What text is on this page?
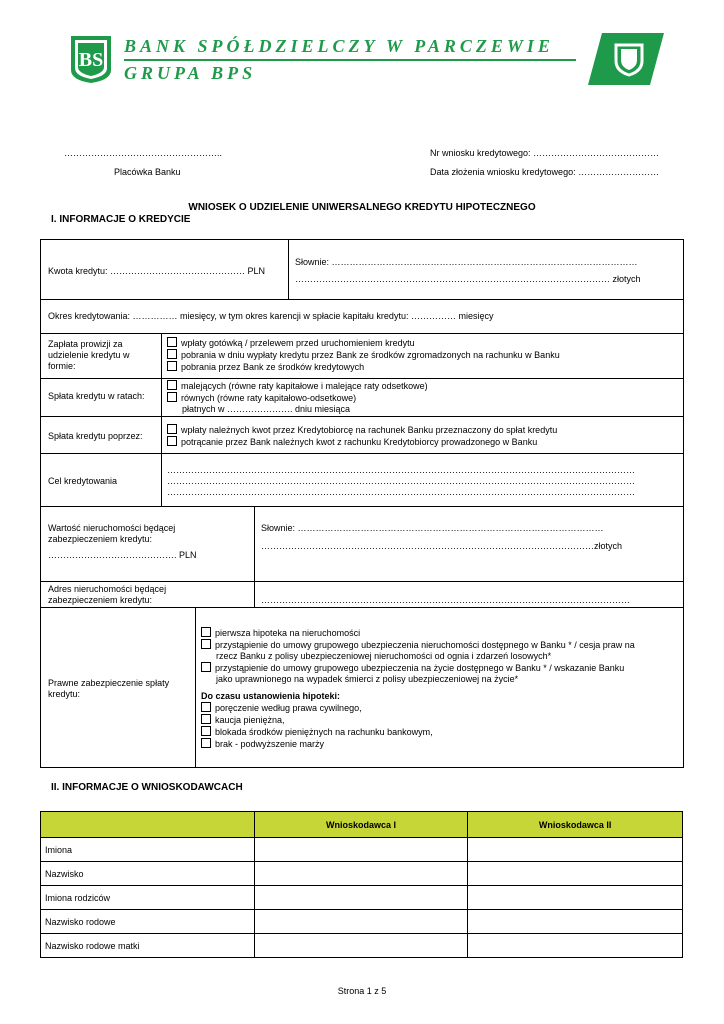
BS
BANK SPÓŁDZIELCZY W PARCZEWIE
GRUPA BPS
……………………………………………..
Placówka Banku
Nr wniosku kredytowego: ……………………………………
Data złożenia wniosku kredytowego: ………………………
WNIOSEK O UDZIELENIE UNIWERSALNEGO KREDYTU HIPOTECZNEGO
I. INFORMACJE O KREDYCIE
Kwota kredytu: ……………………………………… PLN
Słownie: …………………………………………………………………………………………
…………………………………………………………………………………………… złotych
Okres kredytowania: …………… miesięcy, w tym okres karencji w spłacie kapitału kredytu: …………… miesięcy
Zapłata prowizji za udzielenie kredytu w formie:
wpłaty gotówką / przelewem przed uruchomieniem kredytu
pobrania w dniu wypłaty kredytu przez Bank ze środków zgromadzonych na rachunku w Banku
pobrania przez Bank ze środków kredytowych
Spłata kredytu w ratach:
malejących (równe raty kapitałowe i malejące raty odsetkowe)
równych (równe raty kapitałowo-odsetkowe)
płatnych w …………………. dniu miesiąca
Spłata kredytu poprzez:
wpłaty należnych kwot przez Kredytobiorcę na rachunek Banku przeznaczony do spłat kredytu
potrącanie przez Bank należnych kwot z rachunku Kredytobiorcy prowadzonego w Banku
Cel kredytowania
…………………………………………………………………………………………………………………………………………
…………………………………………………………………………………………………………………………………………
…………………………………………………………………………………………………………………………………………
Wartość nieruchomości będącej zabezpieczeniem kredytu:
……………………………………. PLN
Słownie: …………………………………………………………………………………………
…………………………………………………………………………………………………złotych
Adres nieruchomości będącej zabezpieczeniem kredytu:	……………………………………………………………………………………………………………
Prawne zabezpieczenie spłaty kredytu:
pierwsza hipoteka na nieruchomości
przystąpienie do umowy grupowego ubezpieczenia nieruchomości dostępnego w Banku * / cesja praw na
rzecz Banku z polisy ubezpieczeniowej nieruchomości od ognia i zdarzeń losowych*
przystąpienie do umowy grupowego ubezpieczenia na życie dostępnego w Banku * / wskazanie Banku
jako uprawnionego na wypadek śmierci z polisy ubezpieczeniowej na życie*
Do czasu ustanowienia hipoteki:
poręczenie według prawa cywilnego,
kaucja pieniężna,
blokada środków pieniężnych na rachunku bankowym,
brak - podwyższenie marży
II. INFORMACJE O WNIOSKODAWCACH
	Wnioskodawca I	Wnioskodawca II
Imiona		
Nazwisko		
Imiona rodziców		
Nazwisko rodowe		
Nazwisko rodowe matki		
Strona 1 z 5
